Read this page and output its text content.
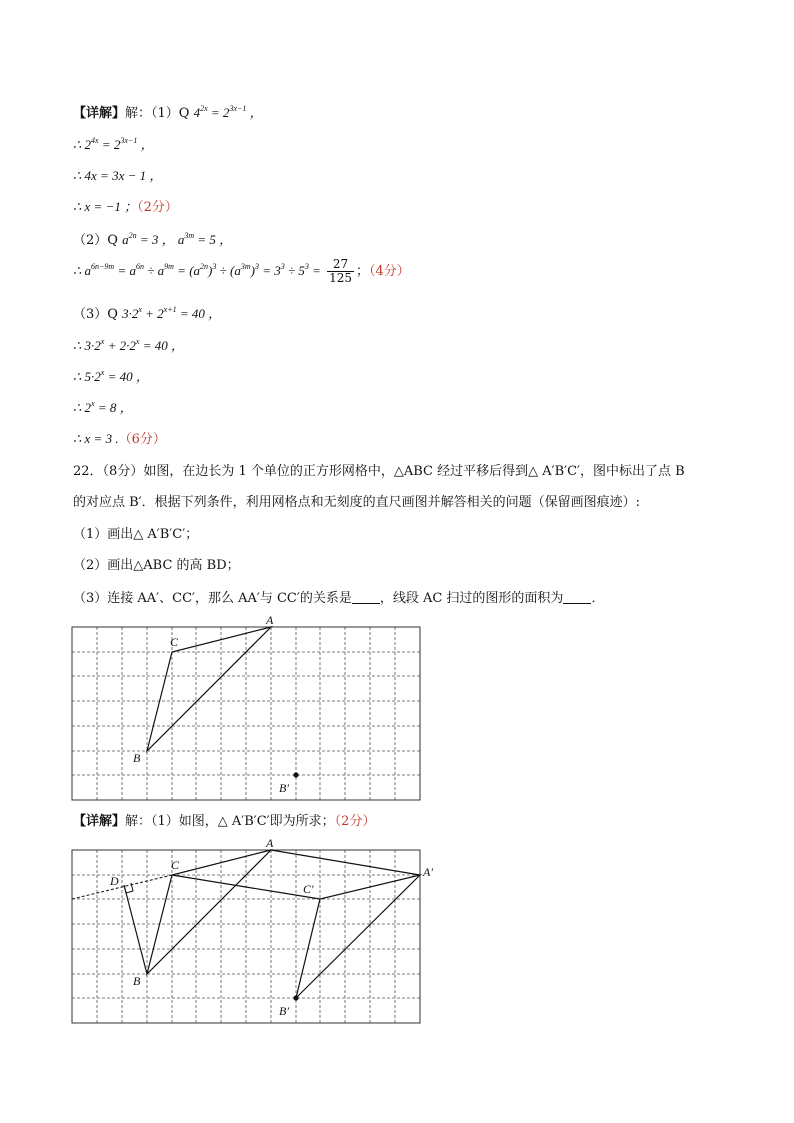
【详解】解：（1）Q $4^{2x} = 2^{3x-1}$ ，
∴ $2^{4x} = 2^{3x-1}$ ，
∴ 4x = 3x − 1 ，
∴ x = −1 ；（2分）
（2）Q $a^{2n} = 3$ ， $a^{3m} = 5$ ，
∴ $a^{6n-9m} = a^{6n} \div a^{9m} = (a^{2n})^3 \div (a^{3m})^3 = 3^3 \div 5^3 = \frac{27}{125}$ ；（4分）
（3）Q $3\cdot 2^x + 2^{x+1} = 40$ ，
∴ $3\cdot 2^x + 2\cdot 2^x = 40$ ，
∴ $5\cdot 2^x = 40$ ，
∴ $2^x = 8$ ，
∴ x = 3 .（6分）
22．（8分）如图，在边长为 1 个单位的正方形网格中，△ABC 经过平移后得到△ A′B′C′，图中标出了点 B
的对应点 B′．根据下列条件，利用网格点和无刻度的直尺画图并解答相关的问题（保留画图痕迹）:
（1）画出△ A′B′C′；
（2）画出△ABC 的高 BD；
（3）连接 AA′、CC′，那么 AA′与 CC′的关系是 ，线段 AC 扫过的图形的面积为 ．
A
C
B
B′
【详解】解：（1）如图，△ A′B′C′即为所求；（2分）
A
C
D
B
A′
C′
B′
